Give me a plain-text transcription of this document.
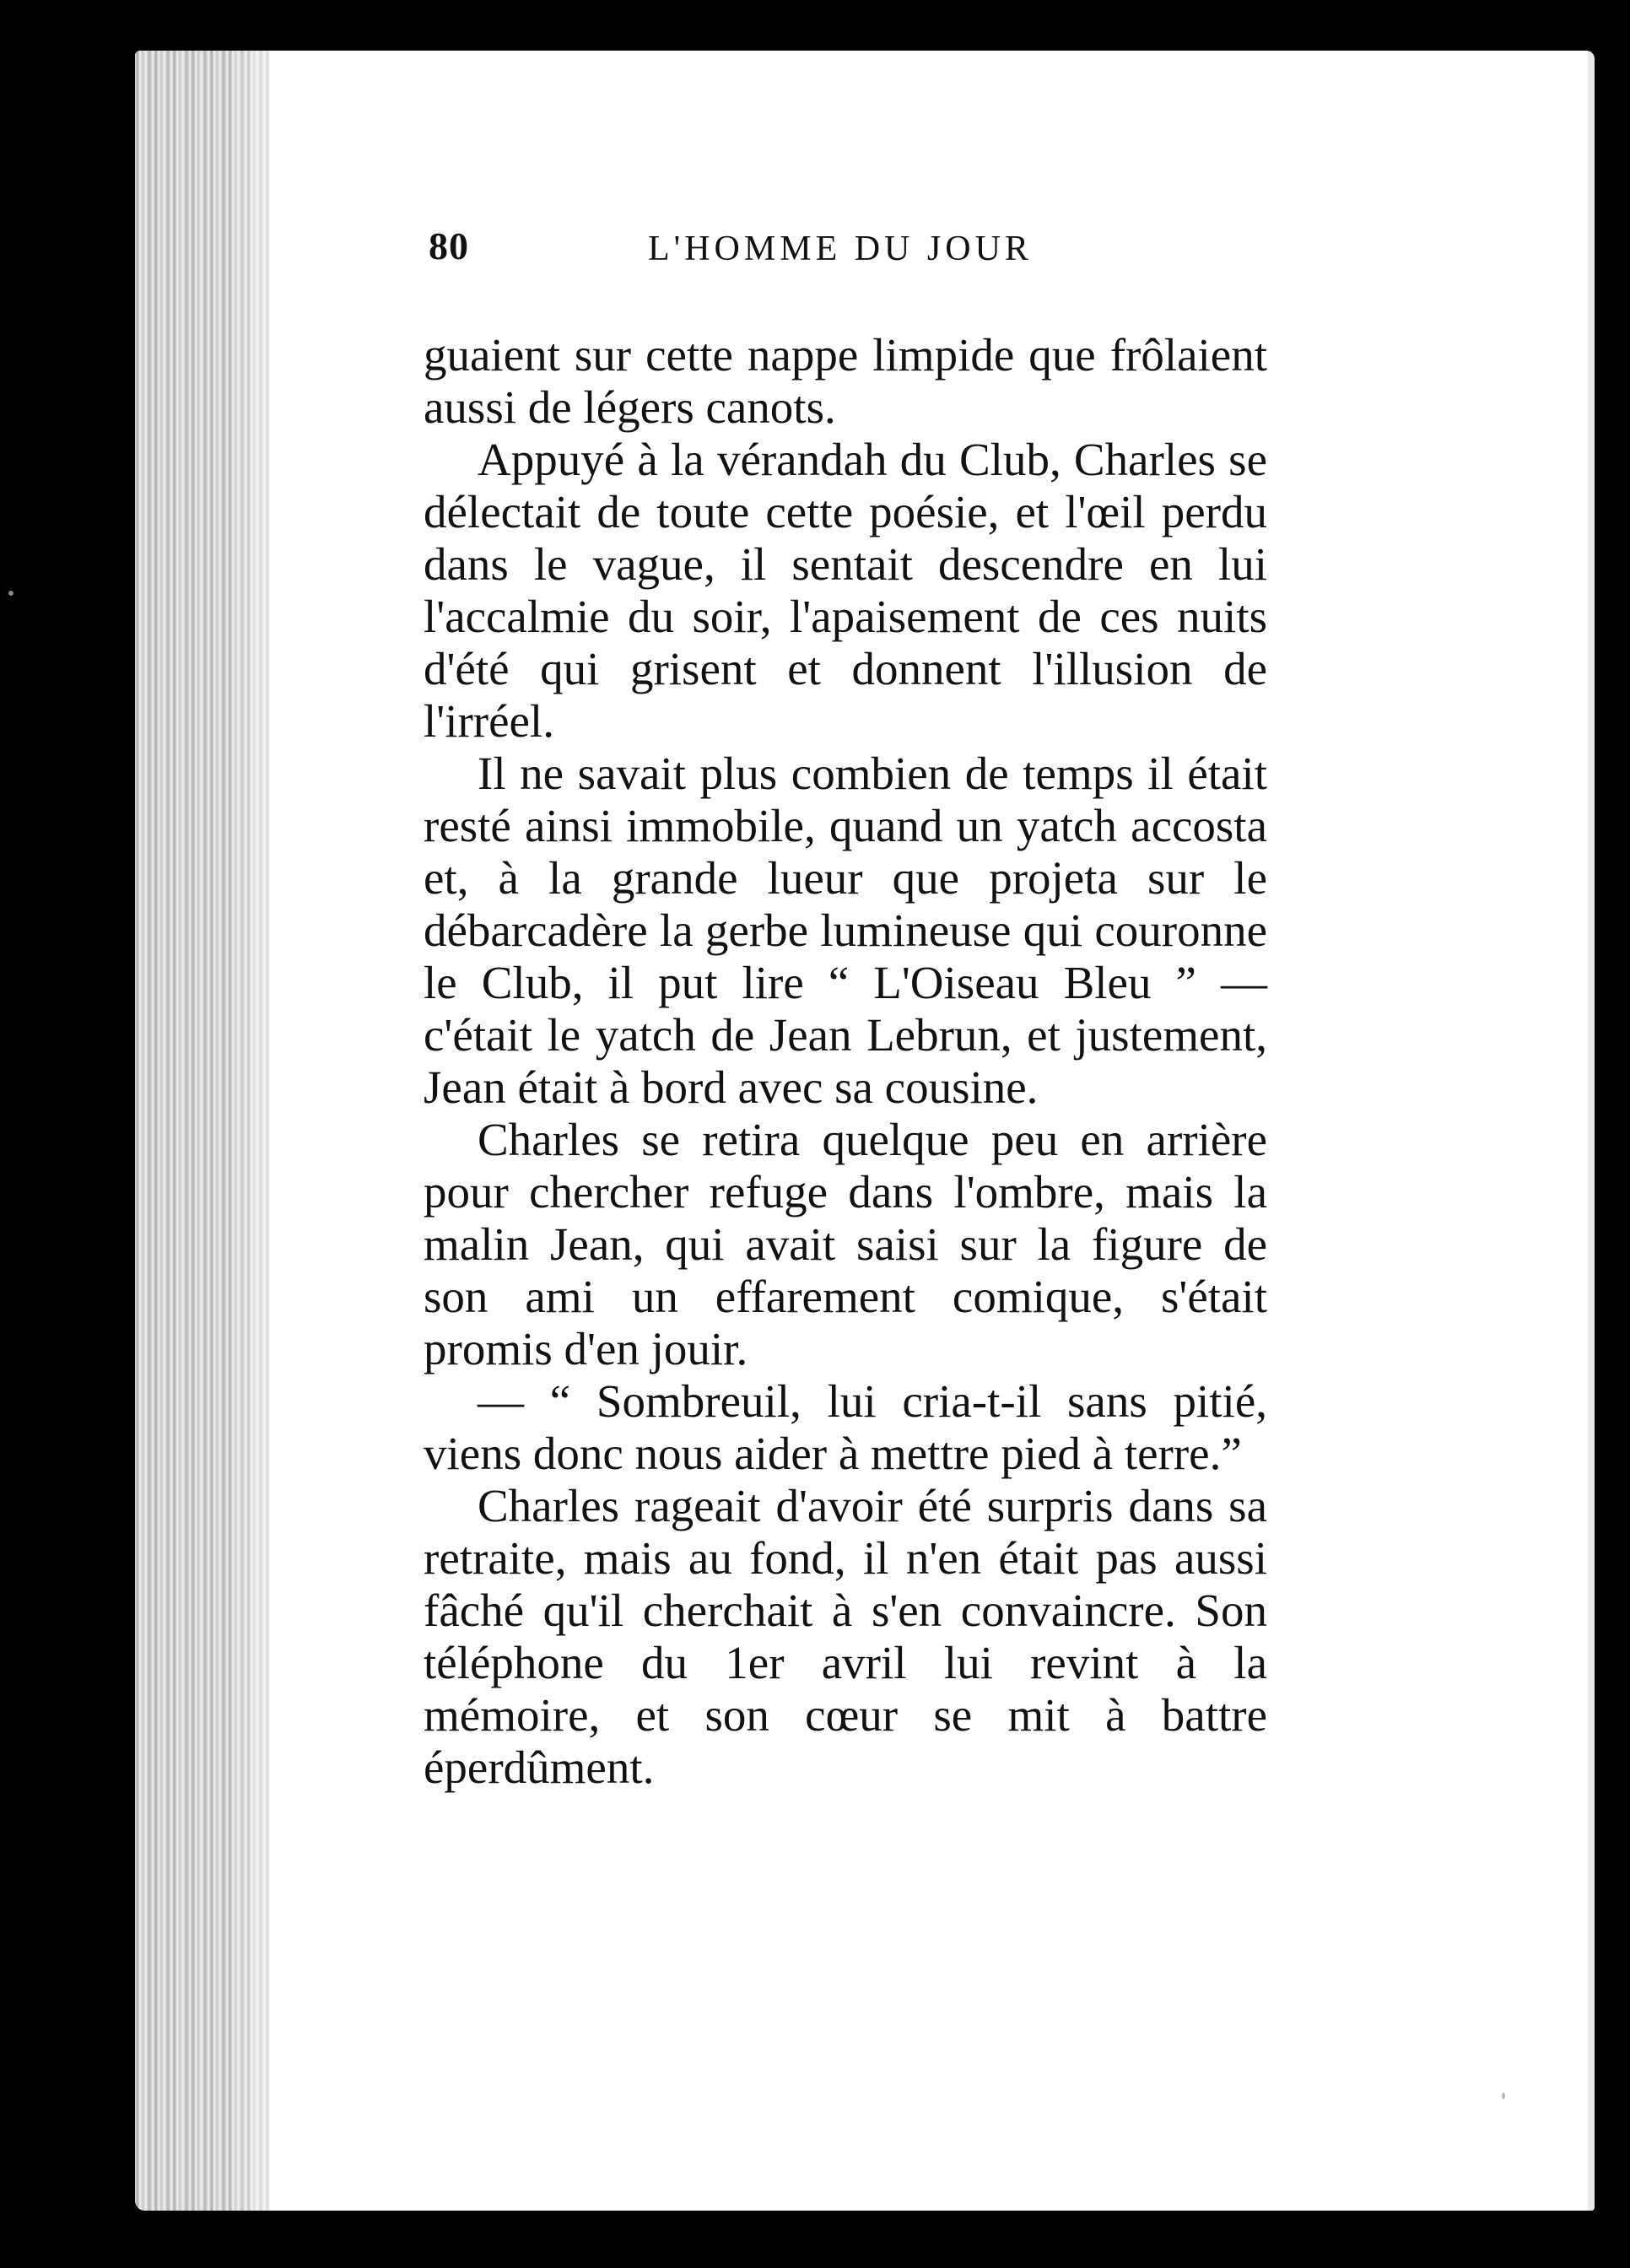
80	L'HOMME DU JOUR

guaient sur cette nappe limpide que frôlaient aussi de légers canots.

Appuyé à la vérandah du Club, Charles se délectait de toute cette poésie, et l'œil perdu dans le vague, il sentait descendre en lui l'accalmie du soir, l'apaisement de ces nuits d'été qui grisent et donnent l'illusion de l'irréel.

Il ne savait plus combien de temps il était resté ainsi immobile, quand un yatch accosta et, à la grande lueur que projeta sur le débarcadère la gerbe lumineuse qui couronne le Club, il put lire “ L'Oiseau Bleu ” — c'était le yatch de Jean Lebrun, et justement, Jean était à bord avec sa cousine.

Charles se retira quelque peu en arrière pour chercher refuge dans l'ombre, mais la malin Jean, qui avait saisi sur la figure de son ami un effarement comique, s'était promis d'en jouir.

— “ Sombreuil, lui cria-t-il sans pitié, viens donc nous aider à mettre pied à terre.”

Charles rageait d'avoir été surpris dans sa retraite, mais au fond, il n'en était pas aussi fâché qu'il cherchait à s'en convaincre. Son téléphone du 1er avril lui revint à la mémoire, et son cœur se mit à battre éperdûment.
